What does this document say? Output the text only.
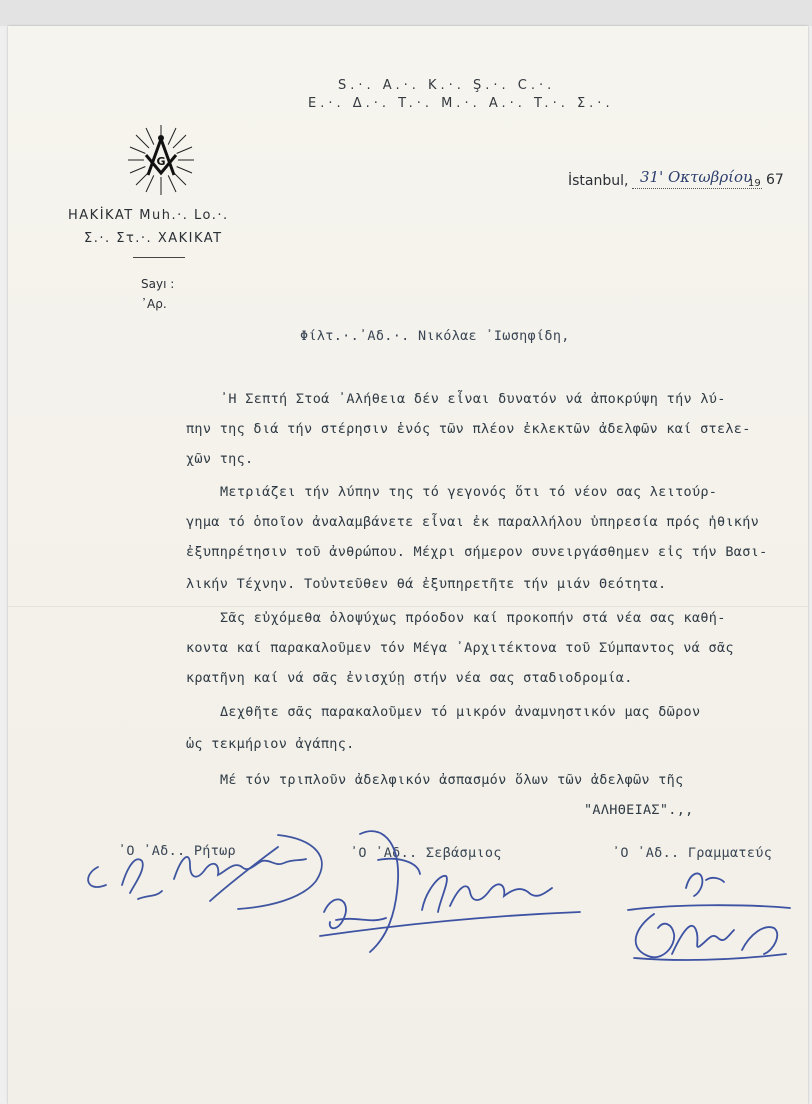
S.·. A.·. K.·. Ş.·. C.·.
E.·. Δ.·. T.·. M.·. A.·. T.·. Σ.·.
G
HAKİKAT Muh.·. Lo.·.
Σ.·. Στ.·. XAKIKAT
Sayı :
᾽Αρ.
İstanbul, 31' Οκτωβρίου
19 67
Φίλτ.·.᾽Αδ.·. Νικόλαε ᾽Ιωσηφίδη,

᾽Η Σεπτή Στοά ᾽Αλήθεια δέν εἶναι δυνατόν νά ἀποκρύψη τήν λύ-

πην της διά τήν στέρησιν ἑνός τῶν πλέον ἐκλεκτῶν ἀδελφῶν καί στελε-

χῶν της.

Μετριάζει τήν λύπην της τό γεγονός ὅτι τό νέον σας λειτούρ-

γημα τό ὁποῖον ἀναλαμβάνετε εἶναι ἐκ παραλλήλου ὑπηρεσία πρός ἠθικήν

ἐξυπηρέτησιν τοῦ ἀνθρώπου. Μέχρι σήμερον συνειργάσθημεν εἰς τήν Βασι-

λικήν Τέχνην. Τοὐντεῦθεν θά ἐξυπηρετῆτε τήν μιάν Θεότητα.

Σᾶς εὐχόμεθα ὁλοψύχως πρόοδον καί προκοπήν στά νέα σας καθή-

κοντα καί παρακαλοῦμεν τόν Μέγα ᾽Αρχιτέκτονα τοῦ Σύμπαντος νά σᾶς

κρατῆνη καί νά σᾶς ἐνισχύῃ στήν νέα σας σταδιοδρομία.

Δεχθῆτε σᾶς παρακαλοῦμεν τό μικρόν ἀναμνηστικόν μας δῶρον

ὡς τεκμήριον ἀγάπης.

Μέ τόν τριπλοῦν ἀδελφικόν ἀσπασμόν ὅλων τῶν ἀδελφῶν τῆς

"ΑΛΗΘΕΙΑΣ".,,

᾽Ο ᾽Αδ.. Ρήτωρ	᾽Ο ᾽Αδ.. Σεβάσμιος	᾽Ο ᾽Αδ.. Γραμματεύς
